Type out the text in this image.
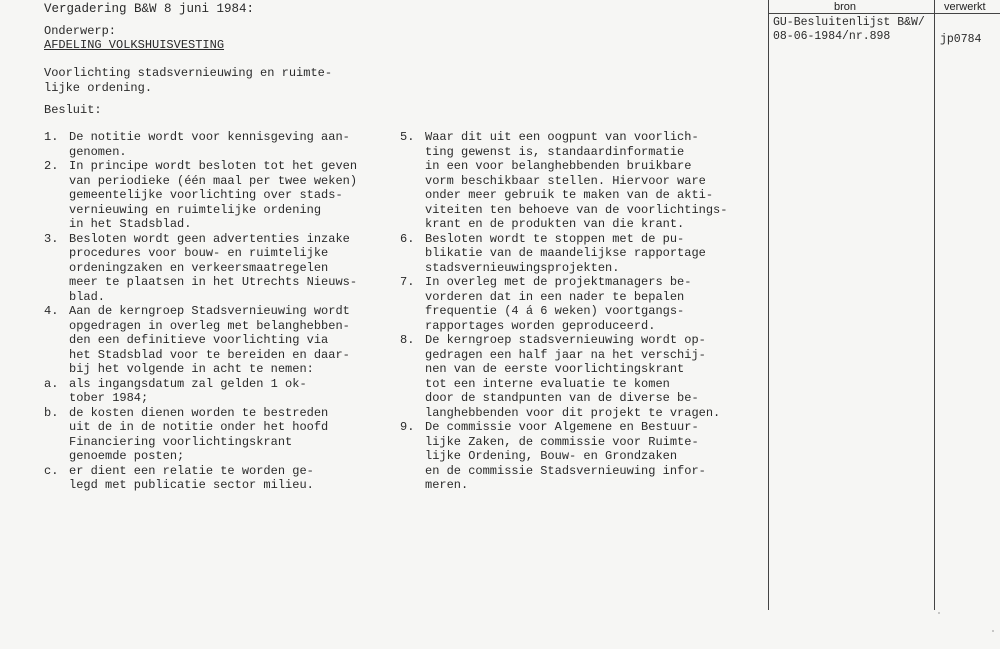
Vergadering B&W 8 juni 1984:
Onderwerp:
AFDELING VOLKSHUISVESTING
Voorlichting stadsvernieuwing en ruimte-
lijke ordening.
Besluit:
1. De notitie wordt voor kennisgeving aan-
genomen.
2. In principe wordt besloten tot het geven
van periodieke (één maal per twee weken)
gemeentelijke voorlichting over stads-
vernieuwing en ruimtelijke ordening
in het Stadsblad.
3. Besloten wordt geen advertenties inzake
procedures voor bouw- en ruimtelijke
ordeningzaken en verkeersmaatregelen
meer te plaatsen in het Utrechts Nieuws-
blad.
4. Aan de kerngroep Stadsvernieuwing wordt
opgedragen in overleg met belanghebben-
den een definitieve voorlichting via
het Stadsblad voor te bereiden en daar-
bij het volgende in acht te nemen:
a. als ingangsdatum zal gelden 1 ok-
tober 1984;
b. de kosten dienen worden te bestreden
uit de in de notitie onder het hoofd
Financiering voorlichtingskrant
genoemde posten;
c. er dient een relatie te worden ge-
legd met publicatie sector milieu.
5. Waar dit uit een oogpunt van voorlich-
ting gewenst is, standaardinformatie
in een voor belanghebbenden bruikbare
vorm beschikbaar stellen. Hiervoor ware
onder meer gebruik te maken van de akti-
viteiten ten behoeve van de voorlichtings-
krant en de produkten van die krant.
6. Besloten wordt te stoppen met de pu-
blikatie van de maandelijkse rapportage
stadsvernieuwingsprojekten.
7. In overleg met de projektmanagers be-
vorderen dat in een nader te bepalen
frequentie (4 á 6 weken) voortgangs-
rapportages worden geproduceerd.
8. De kerngroep stadsvernieuwing wordt op-
gedragen een half jaar na het verschij-
nen van de eerste voorlichtingskrant
tot een interne evaluatie te komen
door de standpunten van de diverse be-
langhebbenden voor dit projekt te vragen.
9. De commissie voor Algemene en Bestuur-
lijke Zaken, de commissie voor Ruimte-
lijke Ordening, Bouw- en Grondzaken
en de commissie Stadsvernieuwing infor-
meren.
bron	verwerkt
GU-Besluitenlijst B&W/
08-06-1984/nr.898	jp0784
